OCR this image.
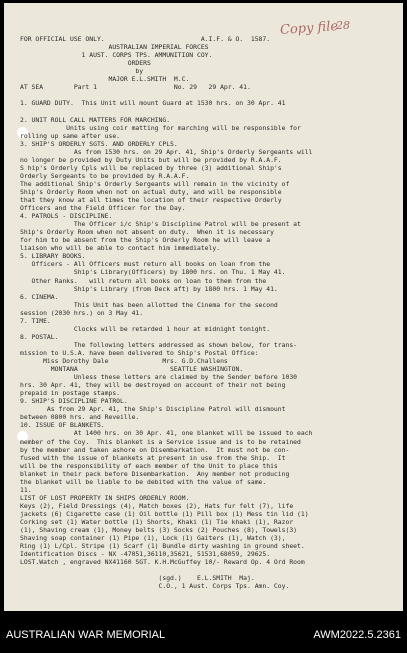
Copy file
28
FOR OFFICIAL USE ONLY.                         A.I.F. & O.  1587.
AUSTRALIAN IMPERIAL FORCES
1 AUST. CORPS TPS. AMMUNITION COY.
ORDERS
by
MAJOR E.L.SMITH  M.C.
AT SEA        Part 1                    No. 29   29 Apr. 41.
1. GUARD DUTY.  This Unit will mount Guard at 1530 hrs. on 30 Apr. 41
2. UNIT ROLL CALL MATTERS FOR MARCHING.
Units using coir matting for marching will be responsible for
rolling up same after use.
3. SHIP'S ORDERLY SGTS. AND ORDERLY CPLS.
As from 1530 hrs. on 29 Apr. 41, Ship's Orderly Sergeants will
no longer be provided by Duty Units but will be provided by R.A.A.F.
S hip's Orderly Cpls will be replaced by three (3) additional Ship's
Orderly Sergeants to be provided by R.A.A.F.
The additional Ship's Orderly Sergeants will remain in the vicinity of
Ship's Orderly Room when not on actual duty, and will be responsible
that they know at all times the location of their respective Orderly
Officers and the Field Officer for the Day.
4. PATROLS - DISCIPLINE.
The Officer i/c Ship's Discipline Patrol will be present at
Ship's Orderly Room when not absent on duty.  When it is necessary
for him to be absent from the Ship's Orderly Room he will leave a
liaison who will be able to contact him immediately.
5. LIBRARY BOOKS.
Officers - All Officers must return all books on loan from the
Ship's Library(Officers) by 1800 hrs. on Thu. 1 May 41.
Other Ranks.   will return all books on loan to them from the
Ship's Library (from Deck aft) by 1800 hrs. 1 May 41.
6. CINEMA.
This Unit has been allotted the Cinema for the second
session (2030 hrs.) on 3 May 41.
7. TIME.
Clocks will be retarded 1 hour at midnight tonight.
8. POSTAL.
The following letters addressed as shown below, for trans-
mission to U.S.A. have been delivered to Ship's Postal Office:
Miss Dorothy Dale              Mrs. G.D.Challens
MONTANA                        SEATTLE WASHINGTON.
Unless these letters are claimed by the Sender before 1030
hrs. 30 Apr. 41, they will be destroyed on account of their not being
prepaid in postage stamps.
9. SHIP'S DISCIPLINE PATROL.
As from 29 Apr. 41, the Ship's Discipline Patrol will dismount
between 0800 hrs. and Reveille.
10. ISSUE OF BLANKETS.
At 1400 hrs. on 30 Apr. 41, one blanket will be issued to each
member of the Coy.  This blanket is a Service issue and is to be retained
by the member and taken ashore on Disembarkation.  It must not be con-
fused with the issue of blankets at present in use from the Ship.  It
will be the responsibility of each member of the Unit to place this
blanket in their pack before Disembarkation.  Any member not producing
the blanket will be liable to be debited with the value of same.
11.
LIST OF LOST PROPERTY IN SHIPS ORDERLY ROOM.
Keys (2), Field Dressings (4), Match boxes (2), Hats fur felt (7), life
jackets (6) Cigarette case (1) Oil bottle (1) Pill box (1) Mess tin lid (1)
Corking set (1) Water bottle (1) Shorts, Khaki (1) Tie khaki (1), Razor
(1), Shaving cream (1), Money belts (3) Socks (2) Pouches (8), Towels(3)
Shaving soap container (1) Pipe (1), Lock (1) Gaiters (1), Watch (3),
Ring (1) L/Cpl. Stripe (1) Scarf (1) Bundle dirty washing in ground sheet.
Identification Discs - NX -47051,36110,35621, 51531,68059, 29625.
LOST.Watch , engraved NX41160 SGT. K.H.McGuffey 10/- Reward Op. 4 Ord Room
(sgd.)    E.L.SMITH  Maj.
C.O., 1 Aust. Corps Tps. Amn. Coy.
AUSTRALIAN WAR MEMORIAL	AWM2022.5.2361
